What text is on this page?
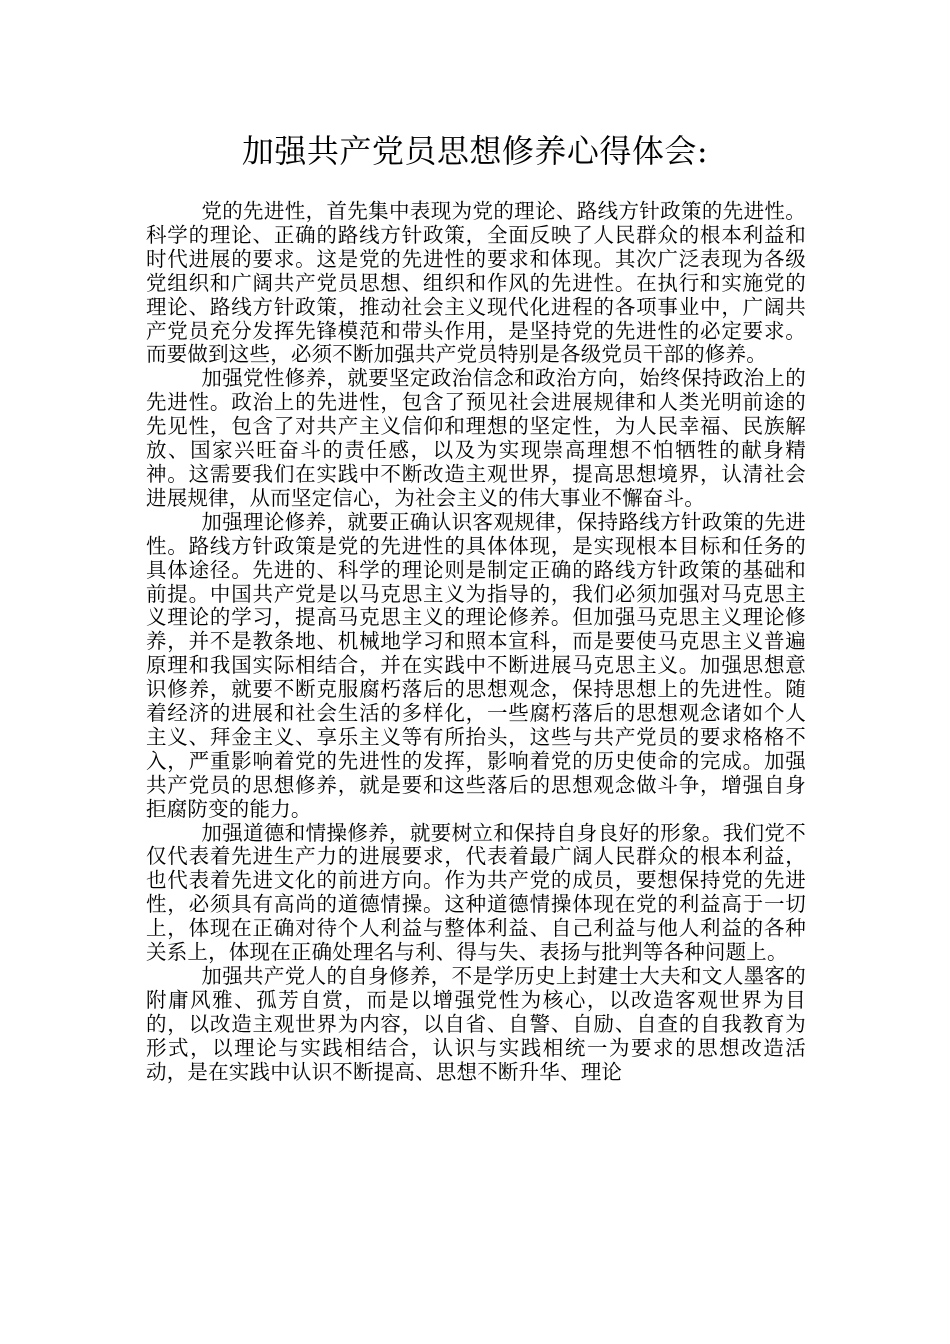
加强共产党员思想修养心得体会:

党的先进性，首先集中表现为党的理论、路线方针政策的先进性。科学的理论、正确的路线方针政策，全面反映了人民群众的根本利益和时代进展的要求。这是党的先进性的要求和体现。其次广泛表现为各级党组织和广阔共产党员思想、组织和作风的先进性。在执行和实施党的理论、路线方针政策，推动社会主义现代化进程的各项事业中，广阔共产党员充分发挥先锋模范和带头作用，是坚持党的先进性的必定要求。而要做到这些，必须不断加强共产党员特别是各级党员干部的修养。

加强党性修养，就要坚定政治信念和政治方向，始终保持政治上的先进性。政治上的先进性，包含了预见社会进展规律和人类光明前途的先见性，包含了对共产主义信仰和理想的坚定性，为人民幸福、民族解放、国家兴旺奋斗的责任感，以及为实现崇高理想不怕牺牲的献身精神。这需要我们在实践中不断改造主观世界，提高思想境界，认清社会进展规律，从而坚定信心，为社会主义的伟大事业不懈奋斗。

加强理论修养，就要正确认识客观规律，保持路线方针政策的先进性。路线方针政策是党的先进性的具体体现，是实现根本目标和任务的具体途径。先进的、科学的理论则是制定正确的路线方针政策的基础和前提。中国共产党是以马克思主义为指导的，我们必须加强对马克思主义理论的学习，提高马克思主义的理论修养。但加强马克思主义理论修养，并不是教条地、机械地学习和照本宣科，而是要使马克思主义普遍原理和我国实际相结合，并在实践中不断进展马克思主义。加强思想意识修养，就要不断克服腐朽落后的思想观念，保持思想上的先进性。随着经济的进展和社会生活的多样化，一些腐朽落后的思想观念诸如个人主义、拜金主义、享乐主义等有所抬头，这些与共产党员的要求格格不入，严重影响着党的先进性的发挥，影响着党的历史使命的完成。加强共产党员的思想修养，就是要和这些落后的思想观念做斗争，增强自身拒腐防变的能力。

加强道德和情操修养，就要树立和保持自身良好的形象。我们党不仅代表着先进生产力的进展要求，代表着最广阔人民群众的根本利益，也代表着先进文化的前进方向。作为共产党的成员，要想保持党的先进性，必须具有高尚的道德情操。这种道德情操体现在党的利益高于一切上，体现在正确对待个人利益与整体利益、自己利益与他人利益的各种关系上，体现在正确处理名与利、得与失、表扬与批判等各种问题上。

加强共产党人的自身修养，不是学历史上封建士大夫和文人墨客的附庸风雅、孤芳自赏，而是以增强党性为核心，以改造客观世界为目的，以改造主观世界为内容，以自省、自警、自励、自查的自我教育为形式，以理论与实践相结合，认识与实践相统一为要求的思想改造活动，是在实践中认识不断提高、思想不断升华、理论
